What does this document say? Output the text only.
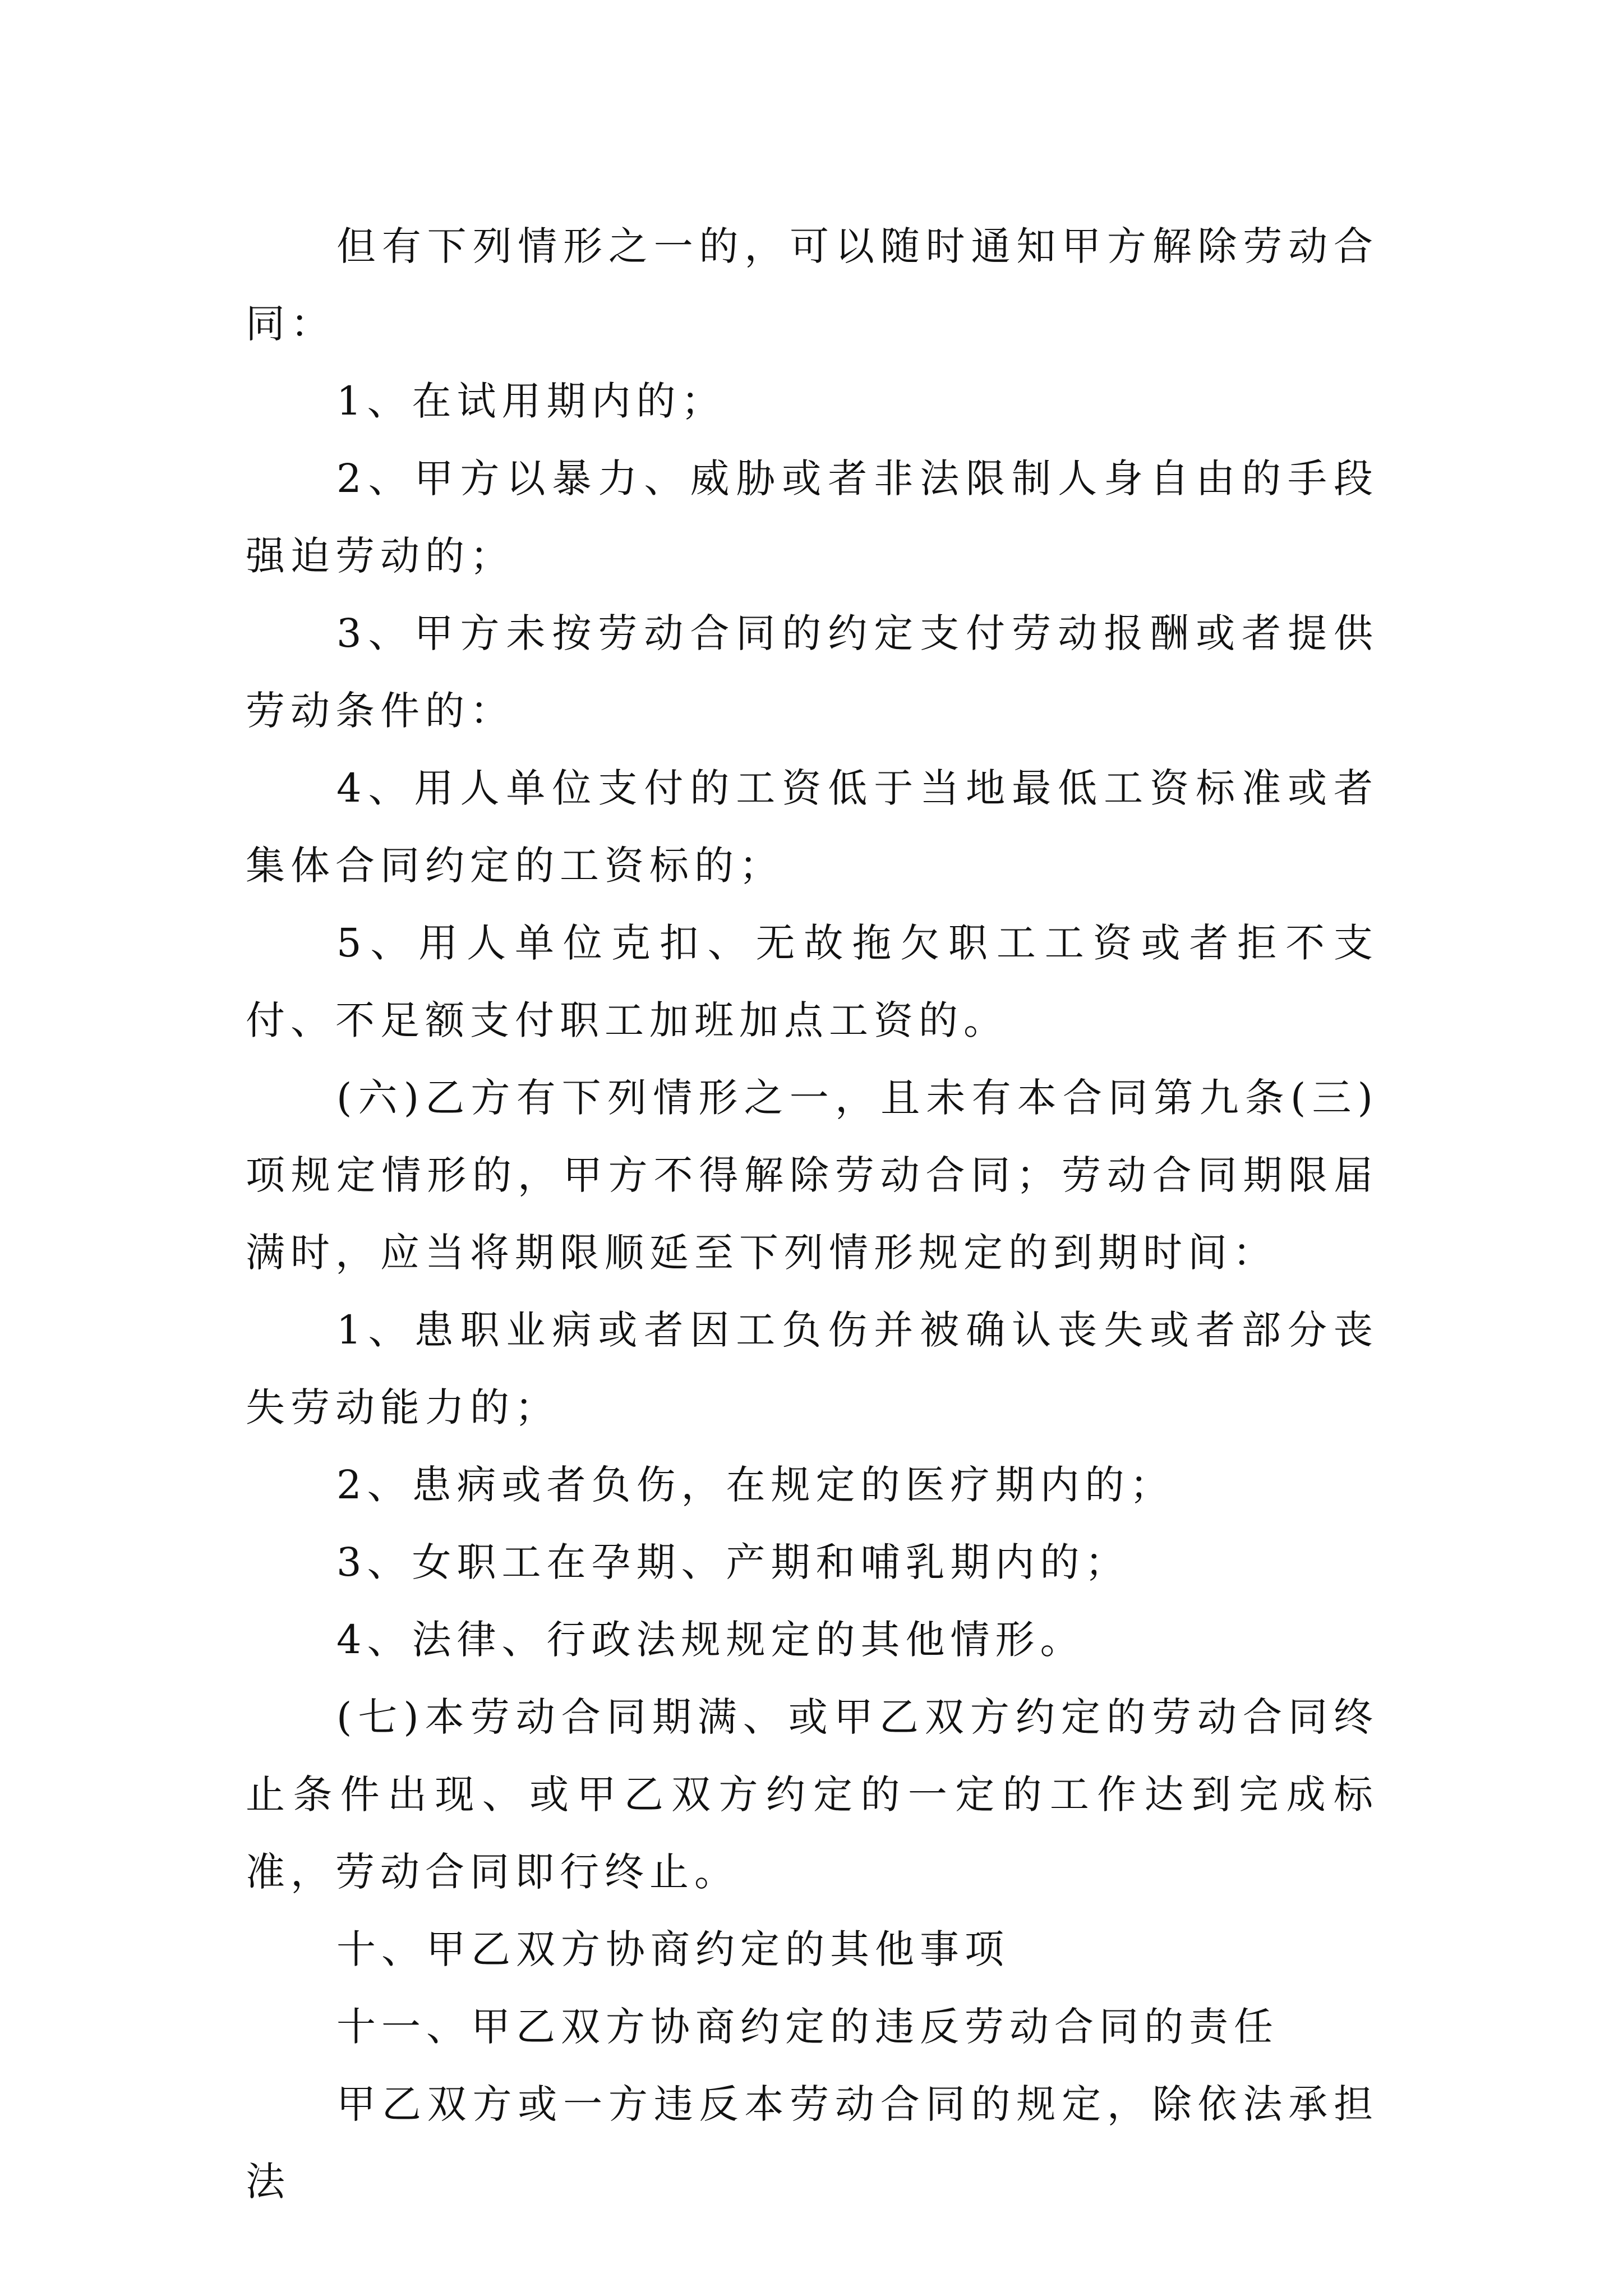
但有下列情形之一的，可以随时通知甲方解除劳动合同：

1、在试用期内的；

2、甲方以暴力、威胁或者非法限制人身自由的手段强迫劳动的；

3、甲方未按劳动合同的约定支付劳动报酬或者提供劳动条件的：

4、用人单位支付的工资低于当地最低工资标准或者集体合同约定的工资标的；

5、用人单位克扣、无故拖欠职工工资或者拒不支付、不足额支付职工加班加点工资的。

(六)乙方有下列情形之一，且未有本合同第九条(三)项规定情形的，甲方不得解除劳动合同；劳动合同期限届满时，应当将期限顺延至下列情形规定的到期时间：

1、患职业病或者因工负伤并被确认丧失或者部分丧失劳动能力的；

2、患病或者负伤，在规定的医疗期内的；

3、女职工在孕期、产期和哺乳期内的；

4、法律、行政法规规定的其他情形。

(七)本劳动合同期满、或甲乙双方约定的劳动合同终止条件出现、或甲乙双方约定的一定的工作达到完成标准，劳动合同即行终止。

十、甲乙双方协商约定的其他事项

十一、甲乙双方协商约定的违反劳动合同的责任

甲乙双方或一方违反本劳动合同的规定，除依法承担法
